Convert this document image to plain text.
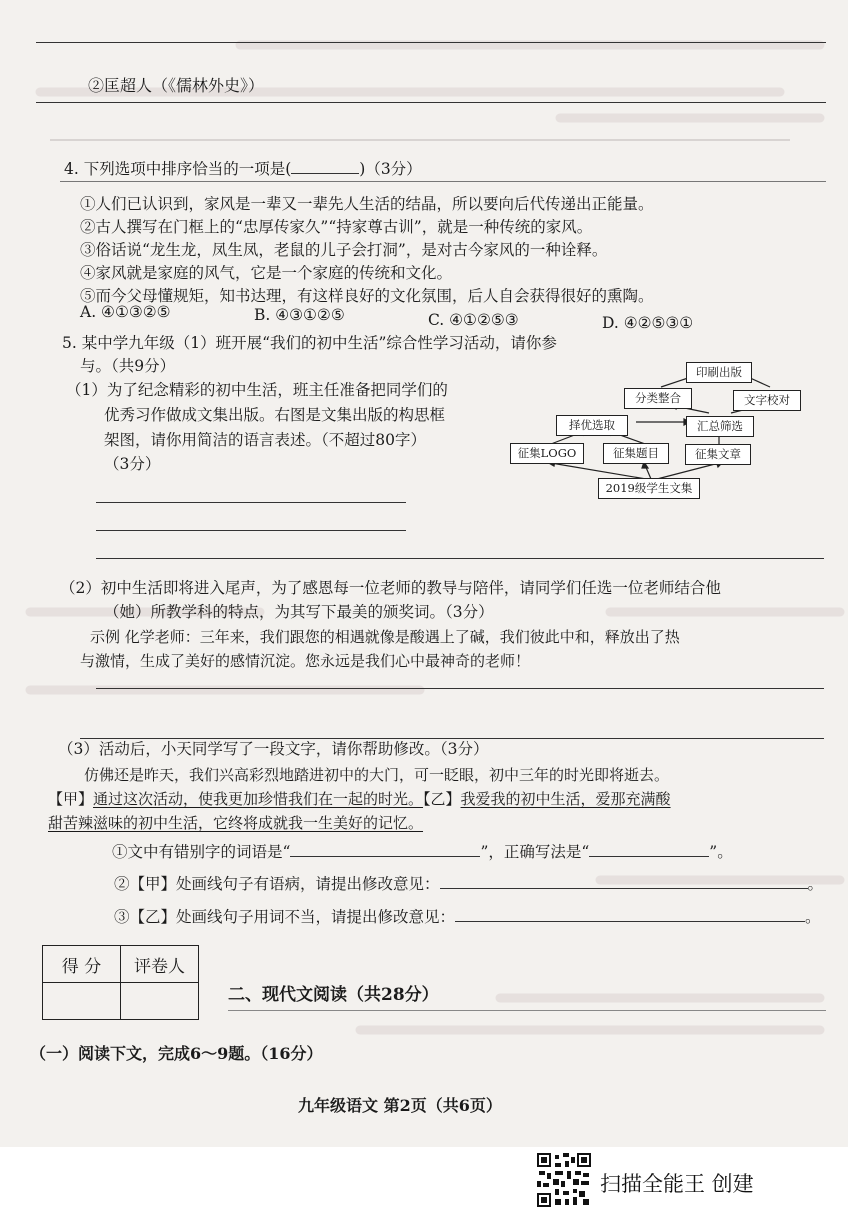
②匡超人（《儒林外史》）
4. 下列选项中排序恰当的一项是(	)（3分）
①人们已认识到，家风是一辈又一辈先人生活的结晶，所以要向后代传递出正能量。
②古人撰写在门框上的“忠厚传家久”“持家尊古训”，就是一种传统的家风。
③俗话说“龙生龙，凤生凤，老鼠的儿子会打洞”，是对古今家风的一种诠释。
④家风就是家庭的风气，它是一个家庭的传统和文化。
⑤而今父母懂规矩，知书达理，有这样良好的文化氛围，后人自会获得很好的熏陶。
A. ④①③②⑤	B. ④③①②⑤	C. ④①②⑤③	D. ④②⑤③①
5. 某中学九年级（1）班开展“我们的初中生活”综合性学习活动，请你参
与。（共9分）
（1）为了纪念精彩的初中生活，班主任准备把同学们的
优秀习作做成文集出版。右图是文集出版的构思框
架图，请你用简洁的语言表述。（不超过80字）
（3分）
印刷出版
分类整合	文字校对
择优选取	汇总筛选
征集LOGO	征集题目	征集文章
2019级学生文集
（2）初中生活即将进入尾声，为了感恩每一位老师的教导与陪伴，请同学们任选一位老师结合他
（她）所教学科的特点，为其写下最美的颁奖词。（3分）
示例 化学老师：三年来，我们跟您的相遇就像是酸遇上了碱，我们彼此中和，释放出了热
与激情，生成了美好的感情沉淀。您永远是我们心中最神奇的老师！
（3）活动后，小天同学写了一段文字，请你帮助修改。（3分）
仿佛还是昨天，我们兴高彩烈地踏进初中的大门，可一眨眼，初中三年的时光即将逝去。
【甲】通过这次活动，使我更加珍惜我们在一起的时光。【乙】我爱我的初中生活，爱那充满酸
甜苦辣滋味的初中生活，它终将成就我一生美好的记忆。
①文中有错别字的词语是“	”，正确写法是“	”。
②【甲】处画线句子有语病，请提出修改意见：	。
③【乙】处画线句子用词不当，请提出修改意见：	。
得 分	评卷人

二、现代文阅读（共28分）
（一）阅读下文，完成6～9题。（16分）
九年级语文 第2页（共6页）
扫描全能王 创建
